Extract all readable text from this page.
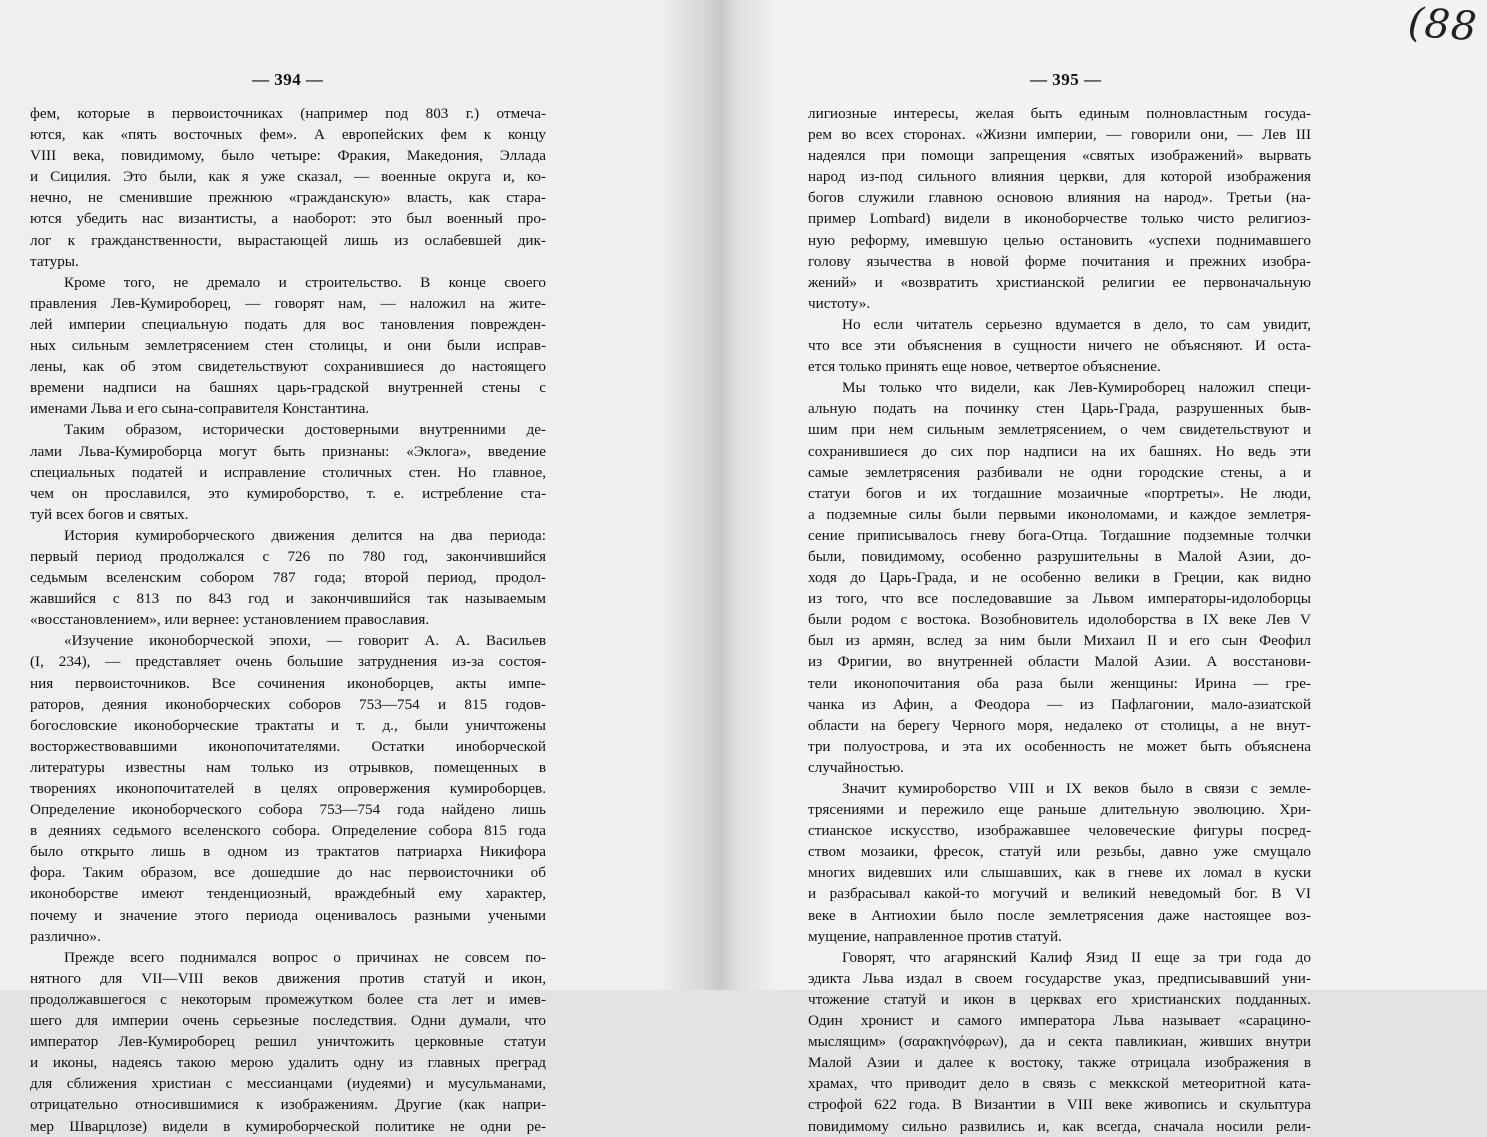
— 394 —	— 395 —
(88
фем, которые в первоисточниках (например под 803 г.) отмеча-
ются, как «пять восточных фем». А европейских фем к концу
VIII века, повидимому, было четыре: Фракия, Македония, Эллада
и Сицилия. Это были, как я уже сказал, — военные округа и, ко-
нечно, не сменившие прежнюю «гражданскую» власть, как стара-
ются убедить нас византисты, а наоборот: это был военный про-
лог к гражданственности, вырастающей лишь из ослабевшей дик-
татуры.
Кроме того, не дремало и строительство. В конце своего
правления Лев-Кумироборец, — говорят нам, — наложил на жите-
лей империи специальную подать для вос тановления поврежден-
ных сильным землетрясением стен столицы, и они были исправ-
лены, как об этом свидетельствуют сохранившиеся до настоящего
времени надписи на башнях царь-градской внутренней стены с
именами Льва и его сына-соправителя Константина.
Таким образом, исторически достоверными внутренними де-
лами Льва-Кумироборца могут быть признаны: «Эклога», введение
специальных податей и исправление столичных стен. Но главное,
чем он прославился, это кумироборство, т. е. истребление ста-
туй всех богов и святых.
История кумироборческого движения делится на два периода:
первый период продолжался с 726 по 780 год, закончившийся
седьмым вселенским собором 787 года; второй период, продол-
жавшийся с 813 по 843 год и закончившийся так называемым
«восстановлением», или вернее: установлением православия.
«Изучение иконоборческой эпохи, — говорит А. А. Васильев
(I, 234), — представляет очень большие затруднения из-за состоя-
ния первоисточников. Все сочинения иконоборцев, акты импе-
раторов, деяния иконоборческих соборов 753—754 и 815 годов-
богословские иконоборческие трактаты и т. д., были уничтожены
восторжествовавшими иконопочитателями. Остатки иноборческой
литературы известны нам только из отрывков, помещенных в
творениях иконопочитателей в целях опровержения кумироборцев.
Определение иконоборческого собора 753—754 года найдено лишь
в деяниях седьмого вселенского собора. Определение собора 815 года
было открыто лишь в одном из трактатов патриарха Никифора
фора. Таким образом, все дошедшие до нас первоисточники об
иконоборстве имеют тенденциозный, враждебный ему характер,
почему и значение этого периода оценивалось разными учеными
различно».
Прежде всего поднимался вопрос о причинах не совсем по-
нятного для VII—VIII веков движения против статуй и икон,
продолжавшегося с некоторым промежутком более ста лет и имев-
шего для империи очень серьезные последствия. Одни думали, что
император Лев-Кумироборец решил уничтожить церковные статуи
и иконы, надеясь такою мерою удалить одну из главных преград
для сближения христиан с мессианцами (иудеями) и мусульманами,
отрицательно относившимися к изображениям. Другие (как напри-
мер Шварцлозе) видели в кумироборческой политике не одни ре-
лигиозные интересы, желая быть единым полновластным госуда-
рем во всех сторонах. «Жизни империи, — говорили они, — Лев III
надеялся при помощи запрещения «святых изображений» вырвать
народ из-под сильного влияния церкви, для которой изображения
богов служили главною основою влияния на народ». Третьи (на-
пример Lombard) видели в иконоборчестве только чисто религиоз-
ную реформу, имевшую целью остановить «успехи поднимавшего
голову язычества в новой форме почитания и прежних изобра-
жений» и «возвратить христианской религии ее первоначальную
чистоту».
Но если читатель серьезно вдумается в дело, то сам увидит,
что все эти объяснения в сущности ничего не объясняют. И оста-
ется только принять еще новое, четвертое объяснение.
Мы только что видели, как Лев-Кумироборец наложил специ-
альную подать на починку стен Царь-Града, разрушенных быв-
шим при нем сильным землетрясением, о чем свидетельствуют и
сохранившиеся до сих пор надписи на их башнях. Но ведь эти
самые землетрясения разбивали не одни городские стены, а и
статуи богов и их тогдашние мозаичные «портреты». Не люди,
а подземные силы были первыми иконоломами, и каждое землетря-
сение приписывалось гневу бога-Отца. Тогдашние подземные толчки
были, повидимому, особенно разрушительны в Малой Азии, до-
ходя до Царь-Града, и не особенно велики в Греции, как видно
из того, что все последовавшие за Львом императоры-идолоборцы
были родом с востока. Возобновитель идолоборства в IX веке Лев V
был из армян, вслед за ним были Михаил II и его сын Феофил
из Фригии, во внутренней области Малой Азии. А восстанови-
тели иконопочитания оба раза были женщины: Ирина — гре-
чанка из Афин, а Феодора — из Пафлагонии, мало-азиатской
области на берегу Черного моря, недалеко от столицы, а не внут-
три полуострова, и эта их особенность не может быть объяснена
случайностью.
Значит кумироборство VIII и IX веков было в связи с земле-
трясениями и пережило еще раньше длительную эволюцию. Хри-
стианское искусство, изображавшее человеческие фигуры посред-
ством мозаики, фресок, статуй или резьбы, давно уже смущало
многих видевших или слышавших, как в гневе их ломал в куски
и разбрасывал какой-то могучий и великий неведомый бог. В VI
веке в Антиохии было после землетрясения даже настоящее воз-
мущение, направленное против статуй.
Говорят, что агарянский Калиф Язид II еще за три года до
эдикта Льва издал в своем государстве указ, предписывавший уни-
чтожение статуй и икон в церквах его христианских подданных.
Один хронист и самого императора Льва называет «сарацино-
мыслящим» (σαρακηνόφρων), да и секта павликиан, живших внутри
Малой Азии и далее к востоку, также отрицала изображения в
храмах, что приводит дело в связь с меккской метеоритной ката-
строфой 622 года. В Византии в VIII веке живопись и скульптура
повидимому сильно развились и, как всегда, сначала носили рели-
